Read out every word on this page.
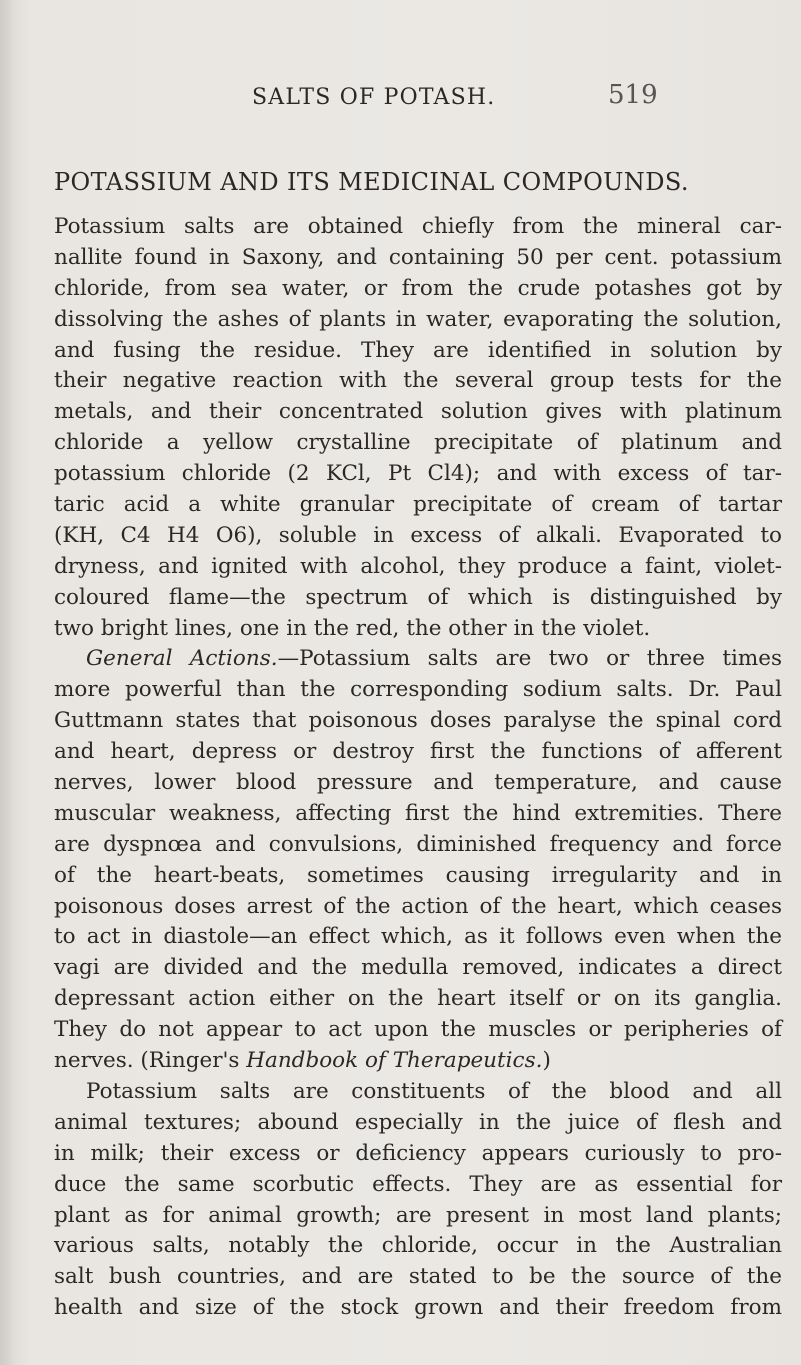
SALTS OF POTASH.	519
POTASSIUM AND ITS MEDICINAL COMPOUNDS.
Potassium salts are obtained chiefly from the mineral car-
nallite found in Saxony, and containing 50 per cent. potassium
chloride, from sea water, or from the crude potashes got by
dissolving the ashes of plants in water, evaporating the solution,
and fusing the residue. They are identified in solution by
their negative reaction with the several group tests for the
metals, and their concentrated solution gives with platinum
chloride a yellow crystalline precipitate of platinum and
potassium chloride (2 KCl, Pt Cl4); and with excess of tar-
taric acid a white granular precipitate of cream of tartar
(KH, C4 H4 O6), soluble in excess of alkali. Evaporated to
dryness, and ignited with alcohol, they produce a faint, violet-
coloured flame—the spectrum of which is distinguished by
two bright lines, one in the red, the other in the violet.
General Actions.—Potassium salts are two or three times
more powerful than the corresponding sodium salts. Dr. Paul
Guttmann states that poisonous doses paralyse the spinal cord
and heart, depress or destroy first the functions of afferent
nerves, lower blood pressure and temperature, and cause
muscular weakness, affecting first the hind extremities. There
are dyspnœa and convulsions, diminished frequency and force
of the heart-beats, sometimes causing irregularity and in
poisonous doses arrest of the action of the heart, which ceases
to act in diastole—an effect which, as it follows even when the
vagi are divided and the medulla removed, indicates a direct
depressant action either on the heart itself or on its ganglia.
They do not appear to act upon the muscles or peripheries of
nerves. (Ringer's Handbook of Therapeutics.)
Potassium salts are constituents of the blood and all
animal textures; abound especially in the juice of flesh and
in milk; their excess or deficiency appears curiously to pro-
duce the same scorbutic effects. They are as essential for
plant as for animal growth; are present in most land plants;
various salts, notably the chloride, occur in the Australian
salt bush countries, and are stated to be the source of the
health and size of the stock grown and their freedom from
